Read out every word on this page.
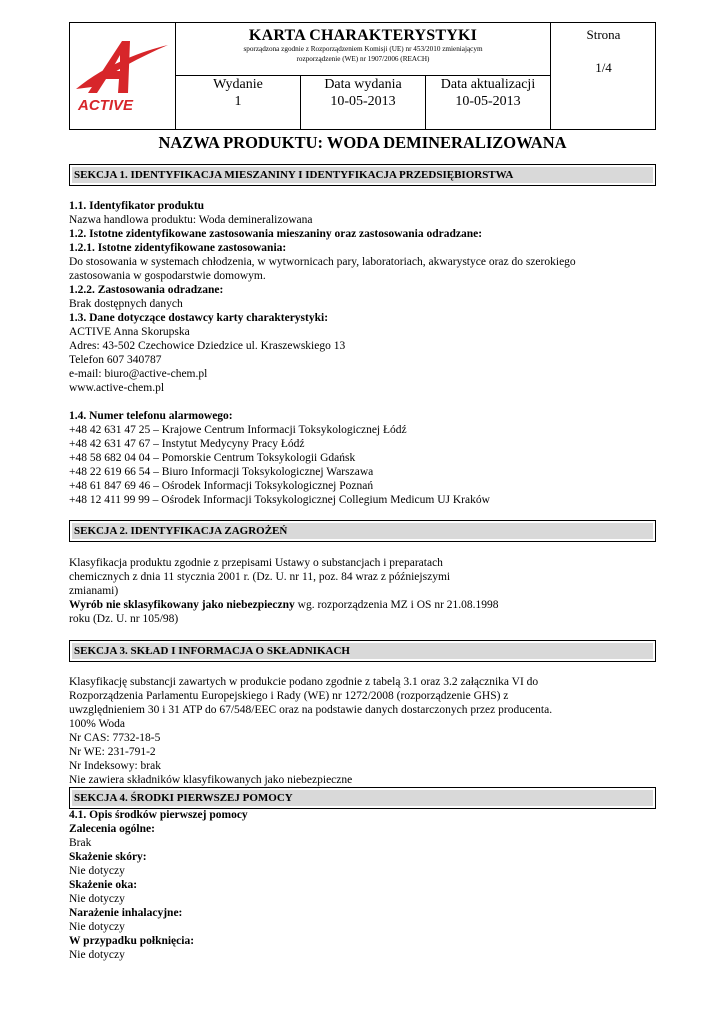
ACTIVE
KARTA CHARAKTERYSTYKI
sporządzona zgodnie z Rozporządzeniem Komisji (UE) nr 453/2010 zmieniającym
rozporządzenie (WE) nr 1907/2006 (REACH)
Strona
1/4
Wydanie
1
Data wydania
10-05-2013
Data aktualizacji
10-05-2013
NAZWA PRODUKTU: WODA DEMINERALIZOWANA
SEKCJA 1. IDENTYFIKACJA MIESZANINY I IDENTYFIKACJA PRZEDSIĘBIORSTWA
1.1. Identyfikator produktu
Nazwa handlowa produktu: Woda demineralizowana
1.2. Istotne zidentyfikowane zastosowania mieszaniny oraz zastosowania odradzane:
1.2.1. Istotne zidentyfikowane zastosowania:
Do stosowania w systemach chłodzenia, w wytwornicach pary, laboratoriach, akwarystyce oraz do szerokiego
zastosowania w gospodarstwie domowym.
1.2.2. Zastosowania odradzane:
Brak dostępnych danych
1.3. Dane dotyczące dostawcy karty charakterystyki:
ACTIVE Anna Skorupska
Adres: 43-502 Czechowice Dziedzice ul. Kraszewskiego 13
Telefon 607 340787
e-mail: biuro@active-chem.pl
www.active-chem.pl
1.4. Numer telefonu alarmowego:
+48 42 631 47 25 – Krajowe Centrum Informacji Toksykologicznej Łódź
+48 42 631 47 67 – Instytut Medycyny Pracy Łódź
+48 58 682 04 04 – Pomorskie Centrum Toksykologii Gdańsk
+48 22 619 66 54 – Biuro Informacji Toksykologicznej Warszawa
+48 61 847 69 46 – Ośrodek Informacji Toksykologicznej Poznań
+48 12 411 99 99 – Ośrodek Informacji Toksykologicznej Collegium Medicum UJ Kraków
SEKCJA 2. IDENTYFIKACJA ZAGROŻEŃ
Klasyfikacja produktu zgodnie z przepisami Ustawy o substancjach i preparatach
chemicznych z dnia 11 stycznia 2001 r. (Dz. U. nr 11, poz. 84 wraz z późniejszymi
zmianami)
Wyrób nie sklasyfikowany jako niebezpieczny wg. rozporządzenia MZ i OS nr 21.08.1998
roku (Dz. U. nr 105/98)
SEKCJA 3. SKŁAD I INFORMACJA O SKŁADNIKACH
Klasyfikację substancji zawartych w produkcie podano zgodnie z tabelą 3.1 oraz 3.2 załącznika VI do
Rozporządzenia Parlamentu Europejskiego i Rady (WE) nr 1272/2008 (rozporządzenie GHS) z
uwzględnieniem 30 i 31 ATP do 67/548/EEC oraz na podstawie danych dostarczonych przez producenta.
100% Woda
Nr CAS: 7732-18-5
Nr WE: 231-791-2
Nr Indeksowy: brak
Nie zawiera składników klasyfikowanych jako niebezpieczne
SEKCJA 4. ŚRODKI PIERWSZEJ POMOCY
4.1. Opis środków pierwszej pomocy
Zalecenia ogólne:
Brak
Skażenie skóry:
Nie dotyczy
Skażenie oka:
Nie dotyczy
Narażenie inhalacyjne:
Nie dotyczy
W przypadku połknięcia:
Nie dotyczy
